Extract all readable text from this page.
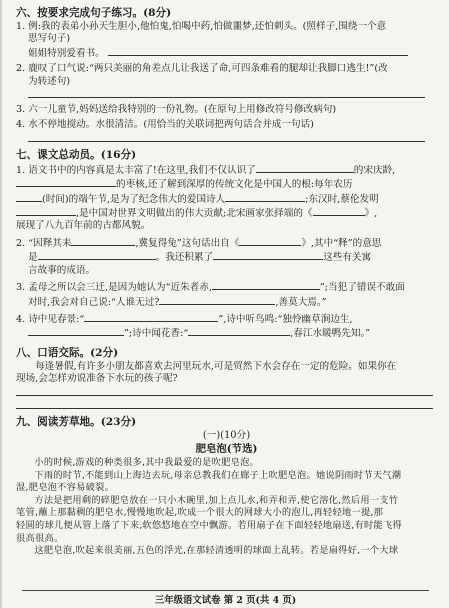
六、按要求完成句子练习。(8分)
1. 例:我的表弟小孙天生胆小,他怕鬼,怕喝中药,怕做噩梦,还怕刺头。(照样子,围绕一个意
思写句子)
姐姐特别爱看书。
2. 鹿叹了口气说:“两只美丽的角差点儿让我送了命,可四条难看的腿却让我脚口逃生!”(改
为转述句)
3. 六一儿童节,妈妈送给我特别的一份礼物。(在原句上用修改符号修改病句)
4. 水不停地搅动。水很清洁。(用恰当的关联词把两句话合并成一句话)
七、课文总动员。(16分)
1. 语文书中的内容真是太丰富了!在这里,我们不仅认识了	的宋庆龄,
的枣核,还了解到深厚的传统文化是中国人的根:每年农历
(时间)的端午节,是为了纪念伟大的爱国诗人	;东汉时,蔡伦发明
,是中国对世界文明做出的伟大贡献;北宋画家张择端的《	》,
展现了八九百年前的古都风貌。
2. “因释其耒	,冀复得兔”这句话出自《	》,其中“释”的意思
是	。我还积累了	这些有关寓
言故事的成语。
3. 孟母之所以会三迁,是因为她认为“近朱者赤,	”;当犯了错误不敢面
对时,我会对自己说:“人谁无过?	,善莫大焉。”
4. 诗中见春景:“	”,诗中听鸟鸣:“独怜幽草涧边生,
”;诗中闻花香:“	,春江水暖鸭先知。”
八、口语交际。(2分)
每逢暑假,有许多小朋友都喜欢去河里玩水,可是贸然下水会存在一定的危险。如果你在
现场,会怎样劝说准备下水玩的孩子呢?
九、阅读芳草地。(23分)
(一)(10分)
肥皂泡(节选)
小的时候,游戏的种类很多,其中我最爱的是吹肥皂泡。
下雨的时节,不能到山上海边去玩,母亲总教我们在廊子上吹肥皂泡。她说阴雨时节天气潮
湿,肥皂泡不容易破裂。
方法是把用剩的碎肥皂放在一只小木碗里,加上点儿水,和弄和弄,使它溶化,然后用一支竹
笔管,蘸上那黏稠的肥皂水,慢慢地吹起,吹成一个很大的网球大小的泡儿,再轻轻地一提,那
轻圆的球儿便从管上落了下来,软悠悠地在空中飘游。若用扇子在下面轻轻地扇送,有时能飞得
很高很高。
这肥皂泡,吹起来很美丽,五色的浮光,在那轻清透明的球面上乱转。若是扇得好,一个大球
三年级语文试卷 第 2 页(共 4 页)
